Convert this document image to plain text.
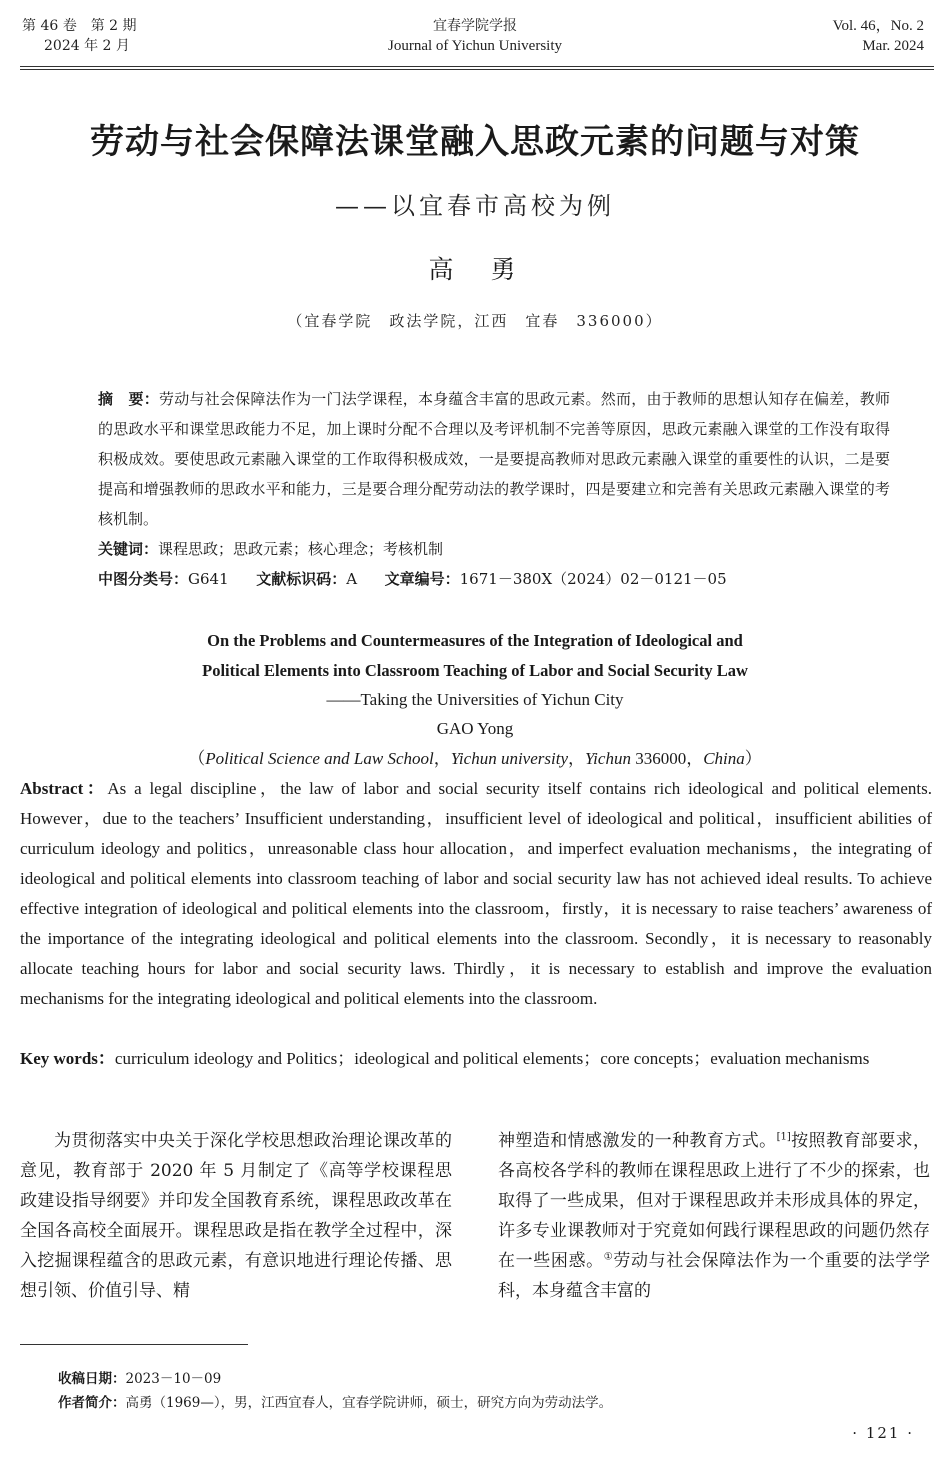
第 46 卷　第 2 期
2024 年 2 月
宜春学院学报
Journal of Yichun University
Vol. 46，No. 2
Mar. 2024
劳动与社会保障法课堂融入思政元素的问题与对策
——以宜春市高校为例
高　勇
（宜春学院　政法学院，江西　宜春　336000）
摘　要：劳动与社会保障法作为一门法学课程，本身蕴含丰富的思政元素。然而，由于教师的思想认知存在偏差，教师的思政水平和课堂思政能力不足，加上课时分配不合理以及考评机制不完善等原因，思政元素融入课堂的工作没有取得积极成效。要使思政元素融入课堂的工作取得积极成效，一是要提高教师对思政元素融入课堂的重要性的认识，二是要提高和增强教师的思政水平和能力，三是要合理分配劳动法的教学课时，四是要建立和完善有关思政元素融入课堂的考核机制。
关键词：课程思政；思政元素；核心理念；考核机制
中图分类号：G641 文献标识码：A 文章编号：1671－380X（2024）02－0121－05
On the Problems and Countermeasures of the Integration of Ideological and
Political Elements into Classroom Teaching of Labor and Social Security Law
——Taking the Universities of Yichun City
GAO Yong
（Political Science and Law School，Yichun university，Yichun 336000，China）
Abstract：As a legal discipline，the law of labor and social security itself contains rich ideological and political elements. However，due to the teachers’ Insufficient understanding，insufficient level of ideological and political，insufficient abilities of curriculum ideology and politics，unreasonable class hour allocation，and imperfect evaluation mechanisms，the integrating of ideological and political elements into classroom teaching of labor and social security law has not achieved ideal results. To achieve effective integration of ideological and political elements into the classroom，firstly，it is necessary to raise teachers’ awareness of the importance of the integrating ideological and political elements into the classroom. Secondly，it is necessary to reasonably allocate teaching hours for labor and social security laws. Thirdly，it is necessary to establish and improve the evaluation mechanisms for the integrating ideological and political elements into the classroom.
Key words：curriculum ideology and Politics；ideological and political elements；core concepts；evaluation mechanisms

为贯彻落实中央关于深化学校思想政治理论课改革的意见，教育部于 2020 年 5 月制定了《高等学校课程思政建设指导纲要》并印发全国教育系统，课程思政改革在全国各高校全面展开。课程思政是指在教学全过程中，深入挖掘课程蕴含的思政元素，有意识地进行理论传播、思想引领、价值引导、精

神塑造和情感激发的一种教育方式。[1]按照教育部要求，各高校各学科的教师在课程思政上进行了不少的探索，也取得了一些成果，但对于课程思政并未形成具体的界定，许多专业课教师对于究竟如何践行课程思政的问题仍然存在一些困惑。①劳动与社会保障法作为一个重要的法学学科，本身蕴含丰富的

收稿日期：2023－10－09
作者简介：高勇（1969—），男，江西宜春人，宜春学院讲师，硕士，研究方向为劳动法学。
· 121 ·
